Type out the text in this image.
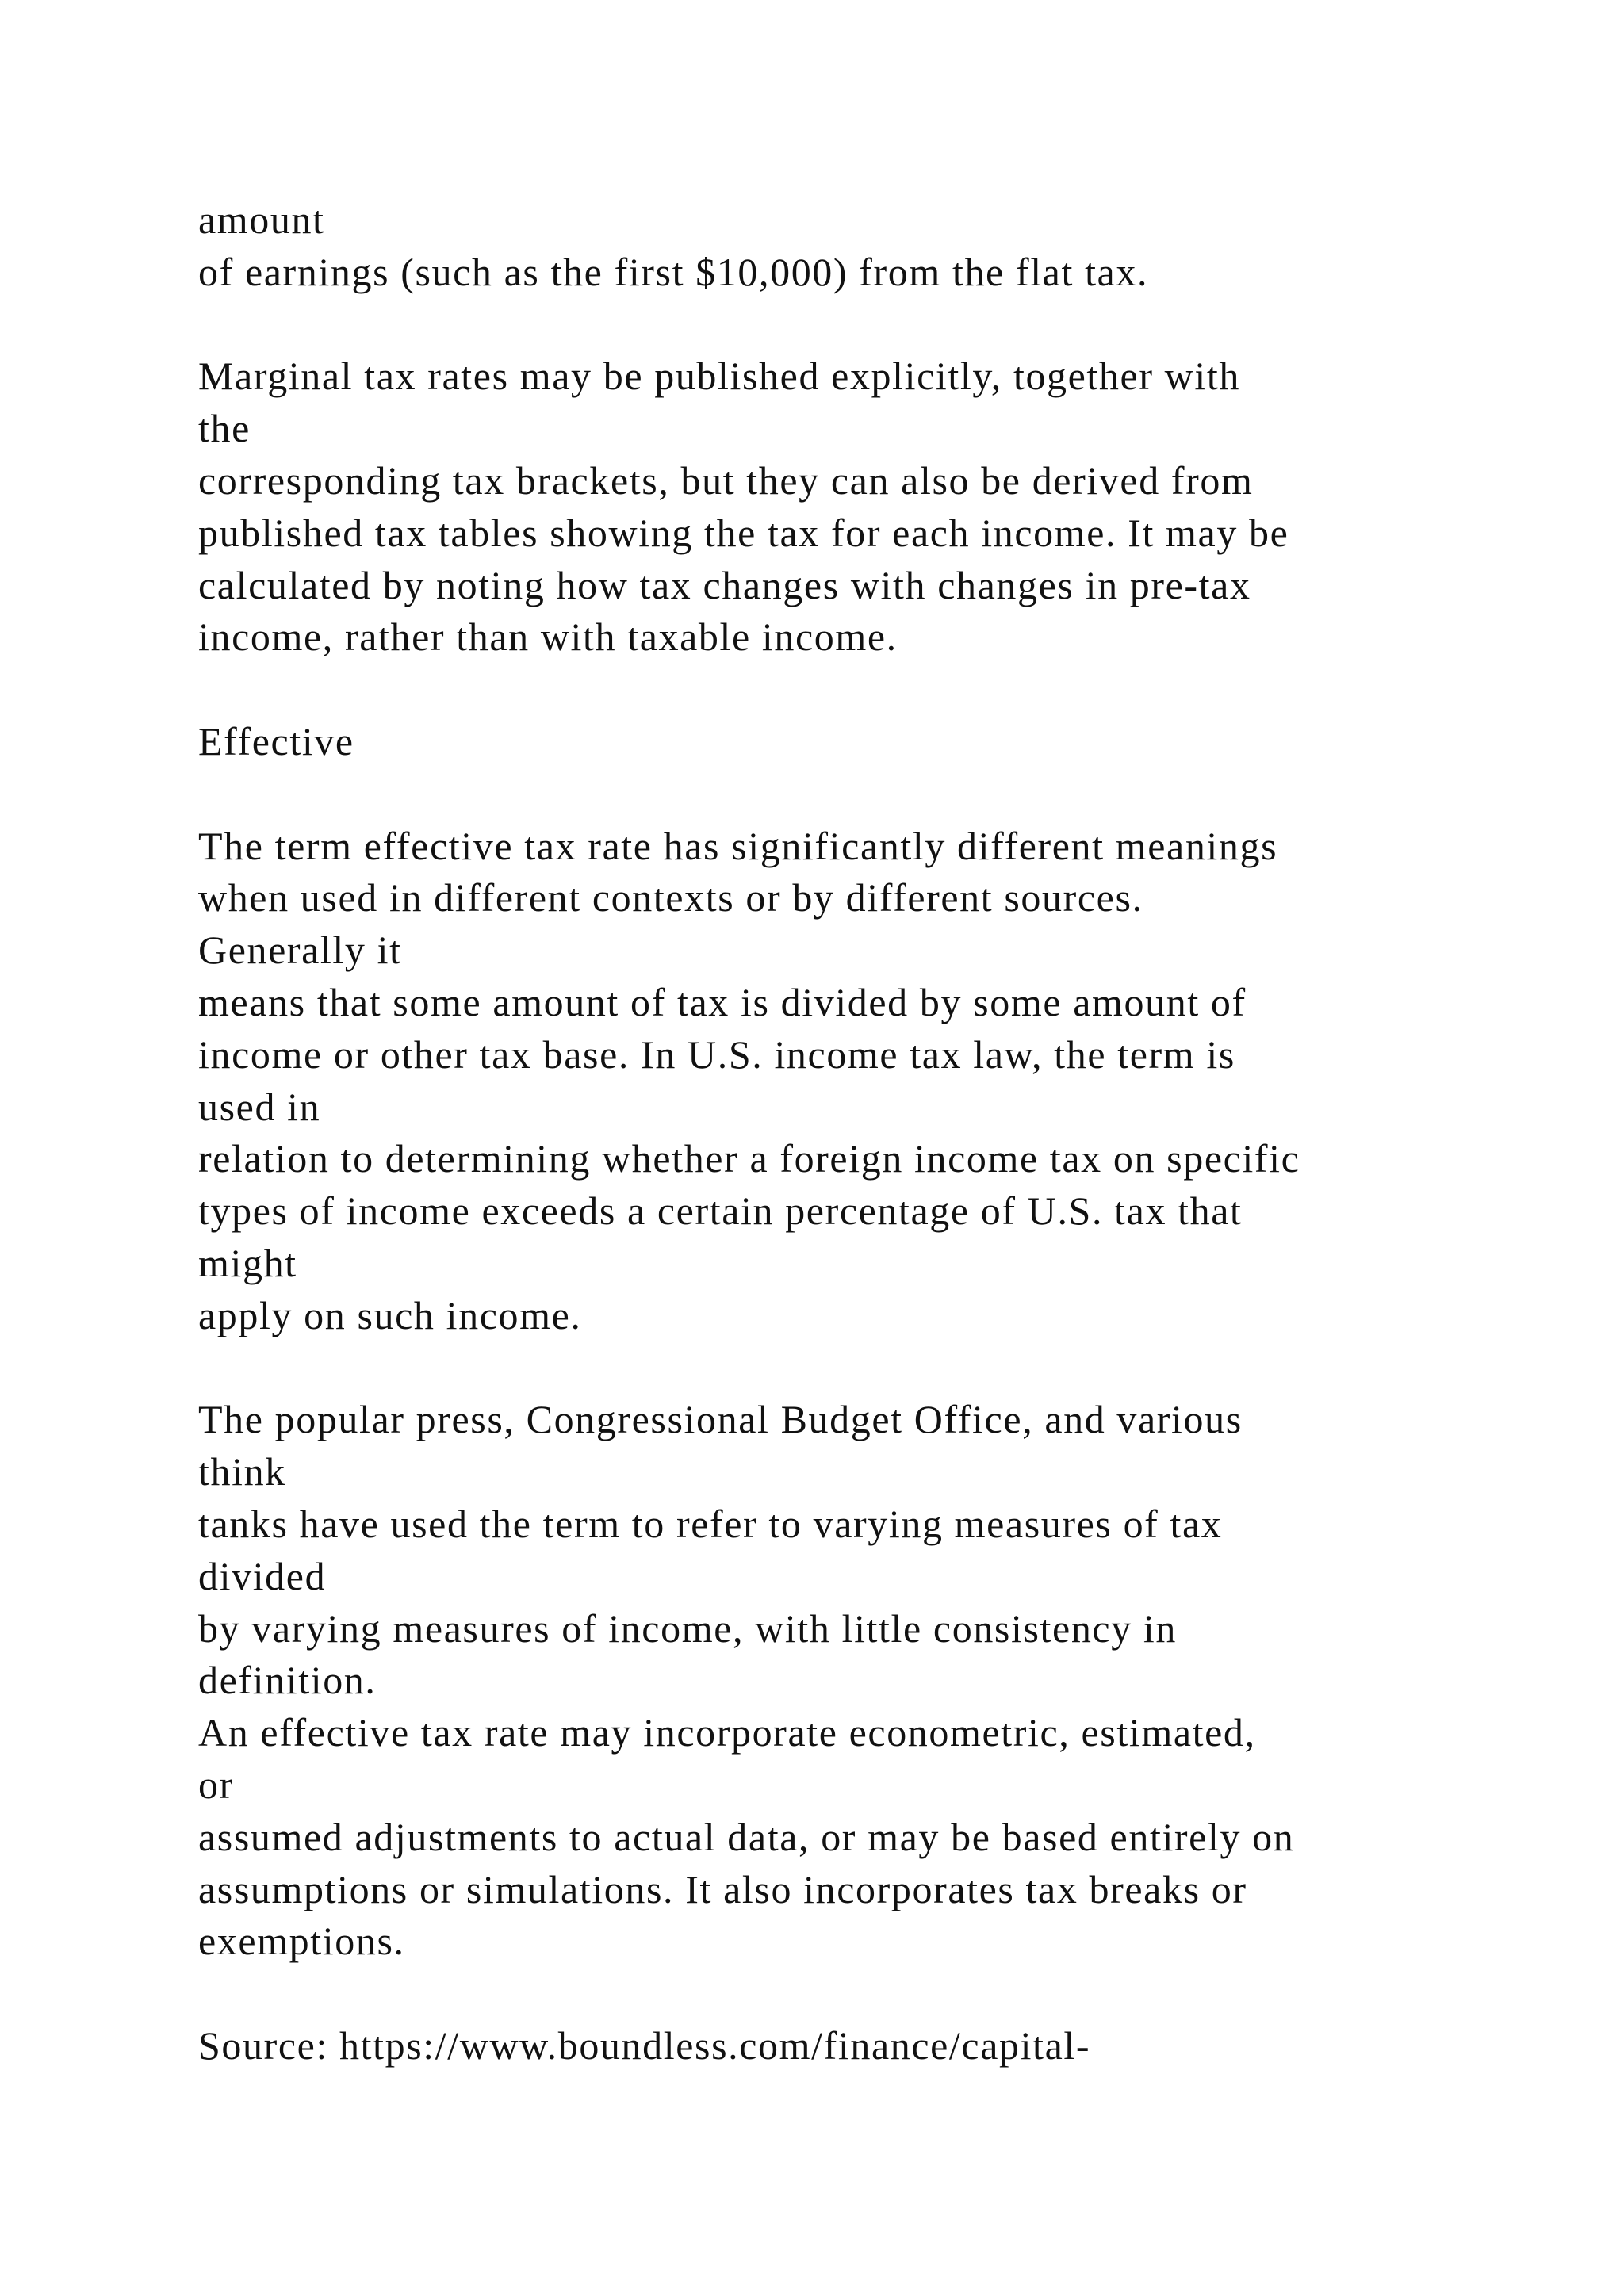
amount
of earnings (such as the first $10,000) from the flat tax.
Marginal tax rates may be published explicitly, together with
the
corresponding tax brackets, but they can also be derived from
published tax tables showing the tax for each income. It may be
calculated by noting how tax changes with changes in pre-tax
income, rather than with taxable income.
Effective
The term effective tax rate has significantly different meanings
when used in different contexts or by different sources.
Generally it
means that some amount of tax is divided by some amount of
income or other tax base. In U.S. income tax law, the term is
used in
relation to determining whether a foreign income tax on specific
types of income exceeds a certain percentage of U.S. tax that
might
apply on such income.
The popular press, Congressional Budget Office, and various
think
tanks have used the term to refer to varying measures of tax
divided
by varying measures of income, with little consistency in
definition.
An effective tax rate may incorporate econometric, estimated,
or
assumed adjustments to actual data, or may be based entirely on
assumptions or simulations. It also incorporates tax breaks or
exemptions.
Source: https://www.boundless.com/finance/capital-
